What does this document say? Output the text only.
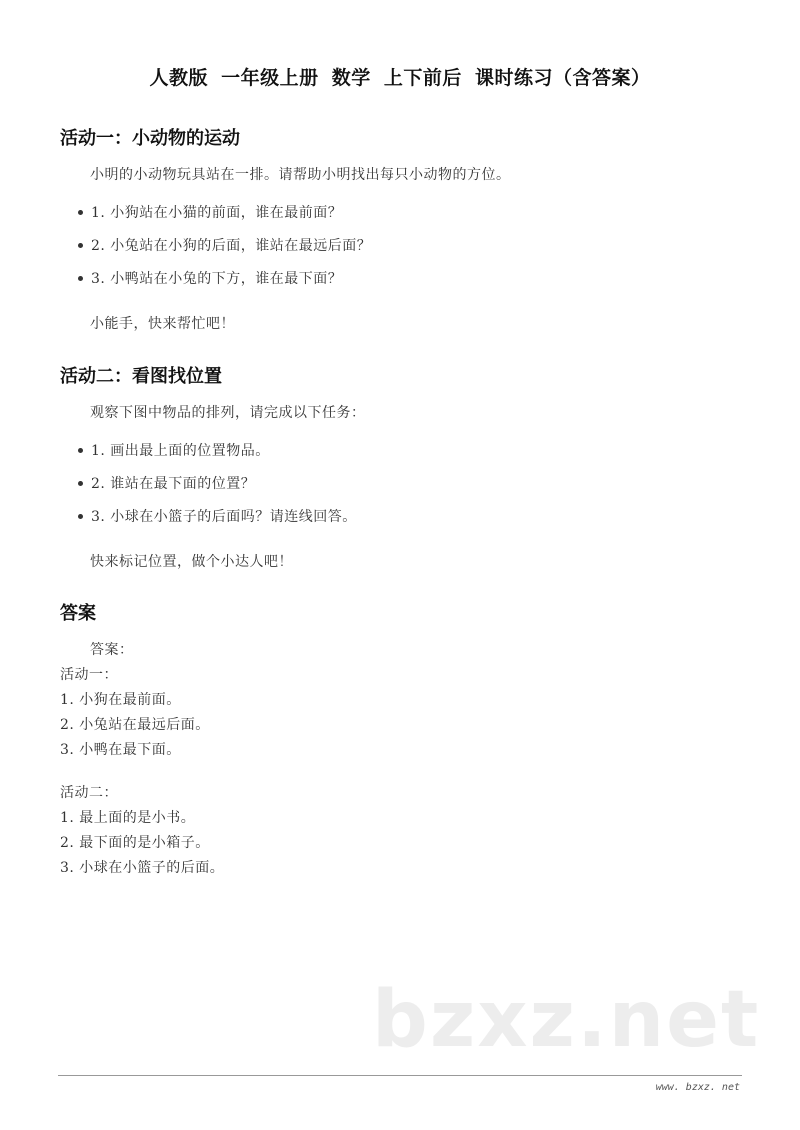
人教版 一年级上册 数学 上下前后 课时练习（含答案）
活动一：小动物的运动
小明的小动物玩具站在一排。请帮助小明找出每只小动物的方位。
1. 小狗站在小猫的前面，谁在最前面？
2. 小兔站在小狗的后面，谁站在最远后面？
3. 小鸭站在小兔的下方，谁在最下面？
小能手，快来帮忙吧！
活动二：看图找位置
观察下图中物品的排列，请完成以下任务：
1. 画出最上面的位置物品。
2. 谁站在最下面的位置？
3. 小球在小篮子的后面吗？请连线回答。
快来标记位置，做个小达人吧！
答案
答案：
活动一：
1. 小狗在最前面。
2. 小兔站在最远后面。
3. 小鸭在最下面。
活动二：
1. 最上面的是小书。
2. 最下面的是小箱子。
3. 小球在小篮子的后面。
bzxz.net
www. bzxz. net
